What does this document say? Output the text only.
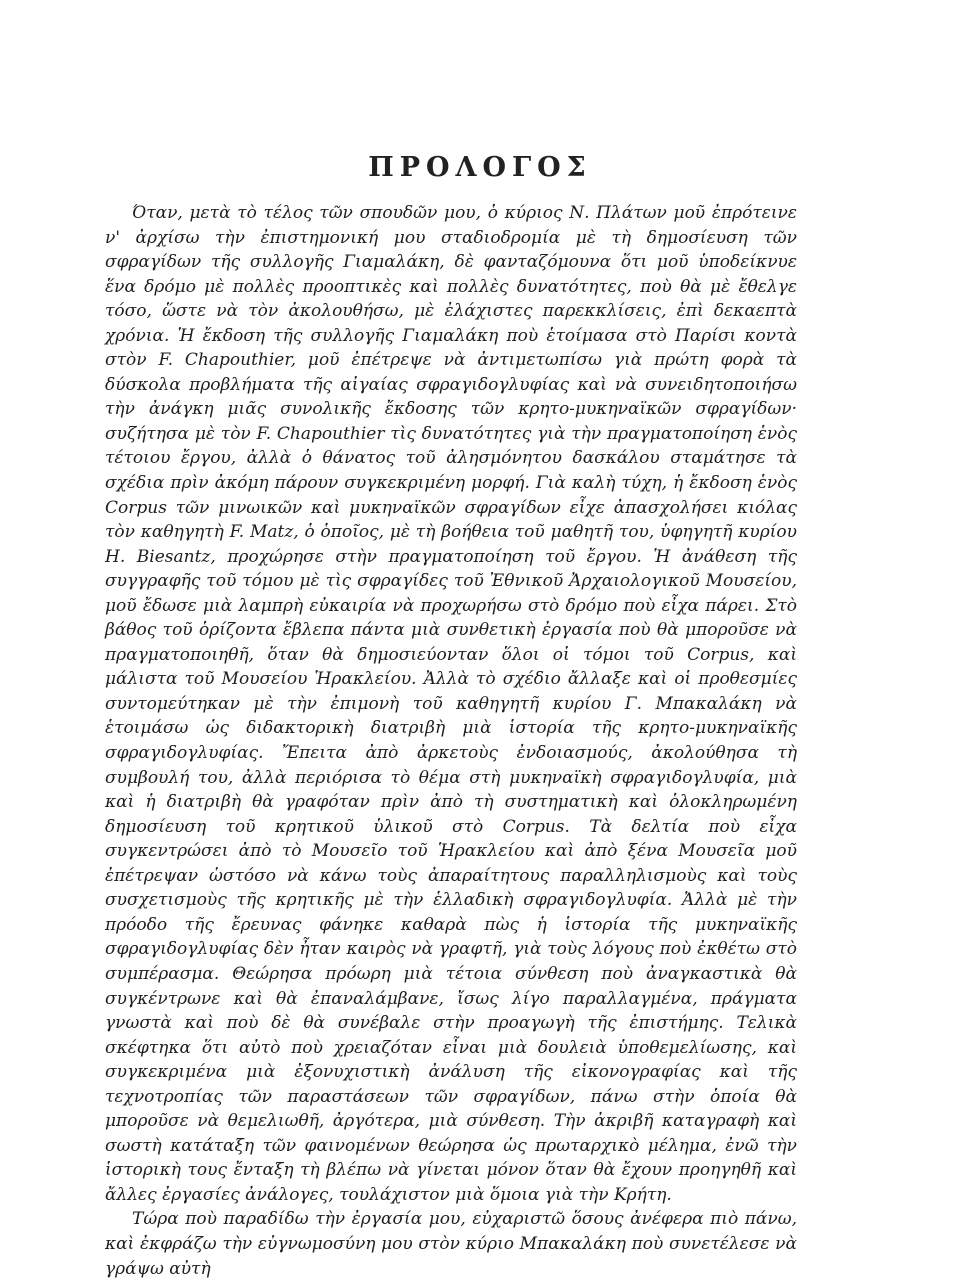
ΠΡΟΛΟΓΟΣ

Όταν, μετὰ τὸ τέλος τῶν σπουδῶν μου, ὁ κύριος Ν. Πλάτων μοῦ ἐπρότεινε ν' ἀρχίσω τὴν ἐπιστημονική μου σταδιοδρομία μὲ τὴ δημοσίευση τῶν σφραγίδων τῆς συλλογῆς Γιαμαλάκη, δὲ φανταζόμουνα ὅτι μοῦ ὑποδείκνυε ἕνα δρόμο μὲ πολλὲς προοπτικὲς καὶ πολλὲς δυνατότητες, ποὺ θὰ μὲ ἔθελγε τόσο, ὥστε νὰ τὸν ἀκολουθήσω, μὲ ἐλάχιστες παρεκκλίσεις, ἐπὶ δεκαεπτὰ χρόνια. Ἡ ἔκδοση τῆς συλλογῆς Γιαμαλάκη ποὺ ἑτοίμασα στὸ Παρίσι κοντὰ στὸν F. Chapouthier, μοῦ ἐπέτρεψε νὰ ἀντιμετωπίσω γιὰ πρώτη φορὰ τὰ δύσκολα προβλήματα τῆς αἰγαίας σφραγιδογλυφίας καὶ νὰ συνειδητοποιήσω τὴν ἀνάγκη μιᾶς συνολικῆς ἔκδοσης τῶν κρητο-μυκηναϊκῶν σφραγίδων· συζήτησα μὲ τὸν F. Chapouthier τὶς δυνατότητες γιὰ τὴν πραγματοποίηση ἑνὸς τέτοιου ἔργου, ἀλλὰ ὁ θάνατος τοῦ ἀλησμόνητου δασκάλου σταμάτησε τὰ σχέδια πρὶν ἀκόμη πάρουν συγκεκριμένη μορφή. Γιὰ καλὴ τύχη, ἡ ἔκδοση ἑνὸς Corpus τῶν μινωικῶν καὶ μυκηναϊκῶν σφραγίδων εἶχε ἀπασχολήσει κιόλας τὸν καθηγητὴ F. Matz, ὁ ὁποῖος, μὲ τὴ βοήθεια τοῦ μαθητῆ του, ὑφηγητῆ κυρίου H. Biesantz, προχώρησε στὴν πραγματοποίηση τοῦ ἔργου. Ἡ ἀνάθεση τῆς συγγραφῆς τοῦ τόμου μὲ τὶς σφραγίδες τοῦ Ἐθνικοῦ Ἀρχαιολογικοῦ Μουσείου, μοῦ ἔδωσε μιὰ λαμπρὴ εὐκαιρία νὰ προχωρήσω στὸ δρόμο ποὺ εἶχα πάρει. Στὸ βάθος τοῦ ὁρίζοντα ἔβλεπα πάντα μιὰ συνθετικὴ ἐργασία ποὺ θὰ μποροῦσε νὰ πραγματοποιηθῆ, ὅταν θὰ δημοσιεύονταν ὅλοι οἱ τόμοι τοῦ Corpus, καὶ μάλιστα τοῦ Μουσείου Ἡρακλείου. Ἀλλὰ τὸ σχέδιο ἄλλαξε καὶ οἱ προθεσμίες συντομεύτηκαν μὲ τὴν ἐπιμονὴ τοῦ καθηγητῆ κυρίου Γ. Μπακαλάκη νὰ ἑτοιμάσω ὡς διδακτορικὴ διατριβὴ μιὰ ἱστορία τῆς κρητο-μυκηναϊκῆς σφραγιδογλυφίας. Ἔπειτα ἀπὸ ἀρκετοὺς ἐνδοιασμούς, ἀκολούθησα τὴ συμβουλή του, ἀλλὰ περιόρισα τὸ θέμα στὴ μυκηναϊκὴ σφραγιδογλυφία, μιὰ καὶ ἡ διατριβὴ θὰ γραφόταν πρὶν ἀπὸ τὴ συστηματικὴ καὶ ὁλοκληρωμένη δημοσίευση τοῦ κρητικοῦ ὑλικοῦ στὸ Corpus. Τὰ δελτία ποὺ εἶχα συγκεντρώσει ἀπὸ τὸ Μουσεῖο τοῦ Ἡρακλείου καὶ ἀπὸ ξένα Μουσεῖα μοῦ ἐπέτρεψαν ὡστόσο νὰ κάνω τοὺς ἀπαραίτητους παραλληλισμοὺς καὶ τοὺς συσχετισμοὺς τῆς κρητικῆς μὲ τὴν ἑλλαδικὴ σφραγιδογλυφία. Ἀλλὰ μὲ τὴν πρόοδο τῆς ἔρευνας φάνηκε καθαρὰ πὼς ἡ ἱστορία τῆς μυκηναϊκῆς σφραγιδογλυφίας δὲν ἦταν καιρὸς νὰ γραφτῆ, γιὰ τοὺς λόγους ποὺ ἐκθέτω στὸ συμπέρασμα. Θεώρησα πρόωρη μιὰ τέτοια σύνθεση ποὺ ἀναγκαστικὰ θὰ συγκέντρωνε καὶ θὰ ἐπαναλάμβανε, ἴσως λίγο παραλλαγμένα, πράγματα γνωστὰ καὶ ποὺ δὲ θὰ συνέβαλε στὴν προαγωγὴ τῆς ἐπιστήμης. Τελικὰ σκέφτηκα ὅτι αὐτὸ ποὺ χρειαζόταν εἶναι μιὰ δουλειὰ ὑποθεμελίωσης, καὶ συγκεκριμένα μιὰ ἐξονυχιστικὴ ἀνάλυση τῆς εἰκονογραφίας καὶ τῆς τεχνοτροπίας τῶν παραστάσεων τῶν σφραγίδων, πάνω στὴν ὁποία θὰ μποροῦσε νὰ θεμελιωθῆ, ἀργότερα, μιὰ σύνθεση. Τὴν ἀκριβῆ καταγραφὴ καὶ σωστὴ κατάταξη τῶν φαινομένων θεώρησα ὡς πρωταρχικὸ μέλημα, ἐνῶ τὴν ἱστορικὴ τους ἔνταξη τὴ βλέπω νὰ γίνεται μόνον ὅταν θὰ ἔχουν προηγηθῆ καὶ ἄλλες ἐργασίες ἀνάλογες, τουλάχιστον μιὰ ὅμοια γιὰ τὴν Κρήτη.

Τώρα ποὺ παραδίδω τὴν ἐργασία μου, εὐχαριστῶ ὅσους ἀνέφερα πιὸ πάνω, καὶ ἐκφράζω τὴν εὐγνωμοσύνη μου στὸν κύριο Μπακαλάκη ποὺ συνετέλεσε νὰ γράψω αὐτὴ
